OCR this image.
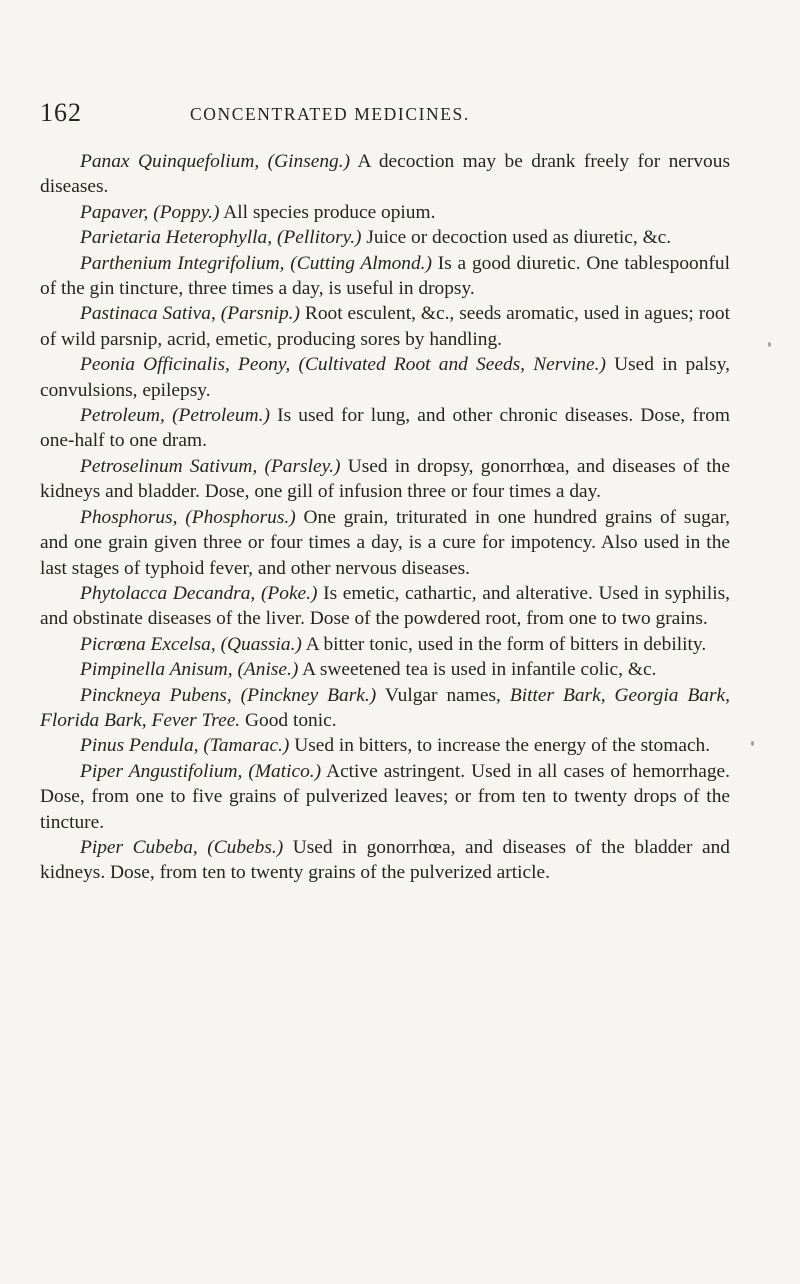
162	CONCENTRATED MEDICINES.
Panax Quinquefolium, (Ginseng.) A decoction may be drank freely for nervous diseases.
Papaver, (Poppy.) All species produce opium.
Parietaria Heterophylla, (Pellitory.) Juice or decoction used as diuretic, &c.
Parthenium Integrifolium, (Cutting Almond.) Is a good diuretic. One tablespoonful of the gin tincture, three times a day, is useful in dropsy.
Pastinaca Sativa, (Parsnip.) Root esculent, &c., seeds aromatic, used in agues; root of wild parsnip, acrid, emetic, producing sores by handling.
Peonia Officinalis, Peony, (Cultivated Root and Seeds, Nervine.) Used in palsy, convulsions, epilepsy.
Petroleum, (Petroleum.) Is used for lung, and other chronic diseases. Dose, from one-half to one dram.
Petroselinum Sativum, (Parsley.) Used in dropsy, gonorrhœa, and diseases of the kidneys and bladder. Dose, one gill of infusion three or four times a day.
Phosphorus, (Phosphorus.) One grain, triturated in one hundred grains of sugar, and one grain given three or four times a day, is a cure for impotency. Also used in the last stages of typhoid fever, and other nervous diseases.
Phytolacca Decandra, (Poke.) Is emetic, cathartic, and alterative. Used in syphilis, and obstinate diseases of the liver. Dose of the powdered root, from one to two grains.
Picrœna Excelsa, (Quassia.) A bitter tonic, used in the form of bitters in debility.
Pimpinella Anisum, (Anise.) A sweetened tea is used in infantile colic, &c.
Pinckneya Pubens, (Pinckney Bark.) Vulgar names, Bitter Bark, Georgia Bark, Florida Bark, Fever Tree. Good tonic.
Pinus Pendula, (Tamarac.) Used in bitters, to increase the energy of the stomach.
Piper Angustifolium, (Matico.) Active astringent. Used in all cases of hemorrhage. Dose, from one to five grains of pulverized leaves; or from ten to twenty drops of the tincture.
Piper Cubeba, (Cubebs.) Used in gonorrhœa, and diseases of the bladder and kidneys. Dose, from ten to twenty grains of the pulverized article.
